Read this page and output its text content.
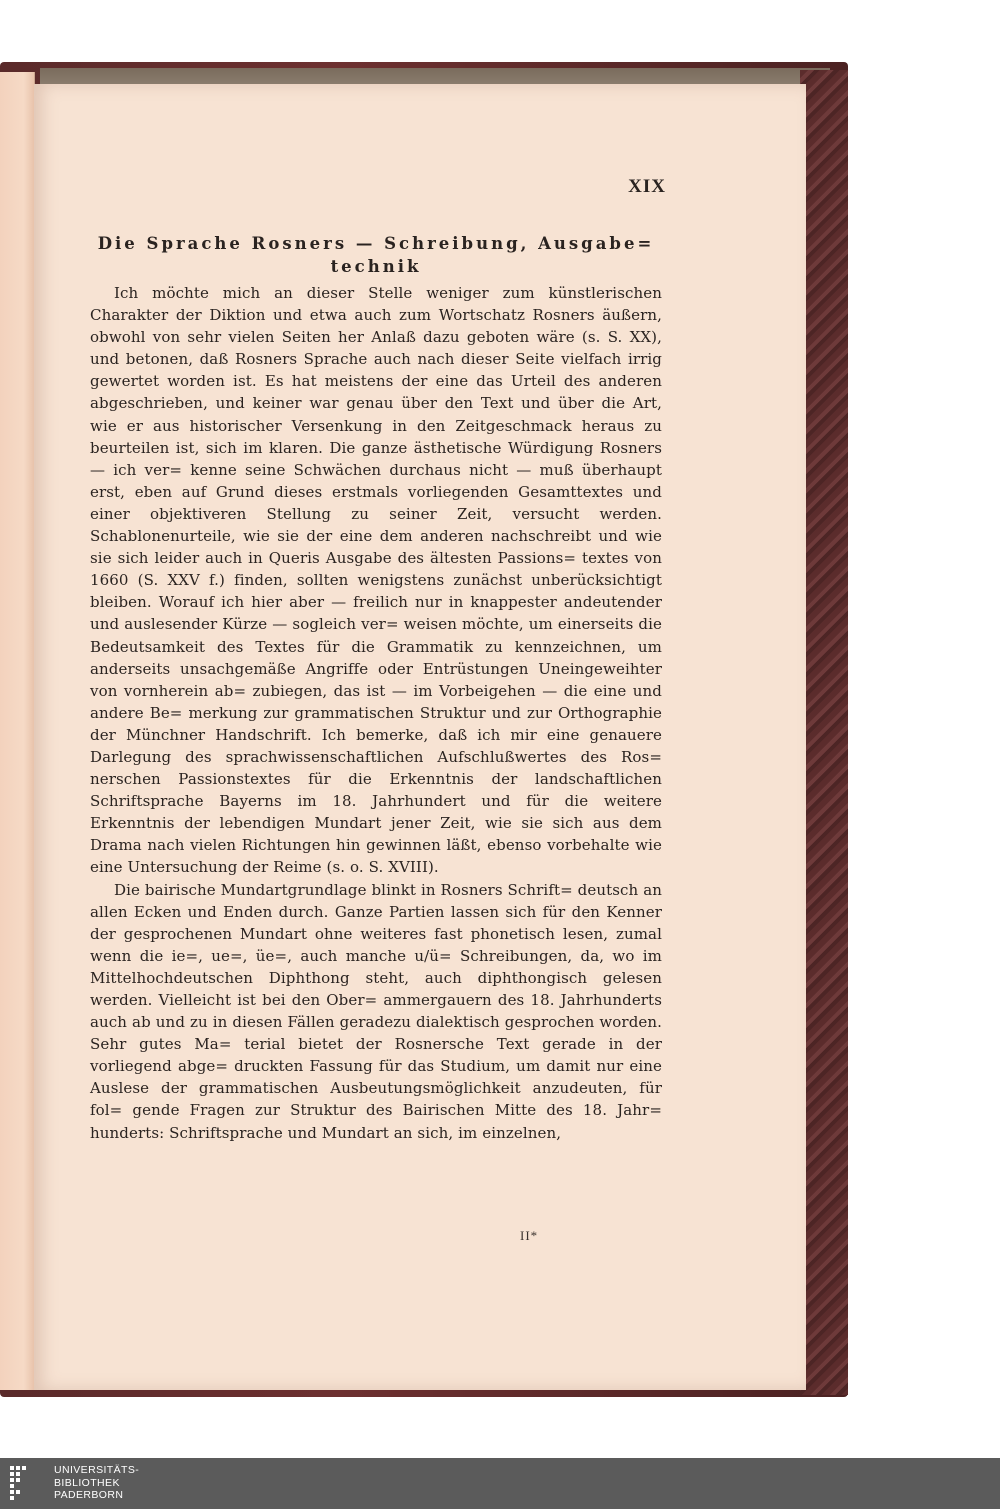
XIX
Die Sprache Rosners — Schreibung, Ausgabe= technik

Ich möchte mich an dieser Stelle weniger zum künstlerischen Charakter der Diktion und etwa auch zum Wortschatz Rosners äußern, obwohl von sehr vielen Seiten her Anlaß dazu geboten wäre (s. S. XX), und betonen, daß Rosners Sprache auch nach dieser Seite vielfach irrig gewertet worden ist. Es hat meistens der eine das Urteil des anderen abgeschrieben, und keiner war genau über den Text und über die Art, wie er aus historischer Versenkung in den Zeitgeschmack heraus zu beurteilen ist, sich im klaren. Die ganze ästhetische Würdigung Rosners — ich ver= kenne seine Schwächen durchaus nicht — muß überhaupt erst, eben auf Grund dieses erstmals vorliegenden Gesamttextes und einer objektiveren Stellung zu seiner Zeit, versucht werden. Schablonenurteile, wie sie der eine dem anderen nachschreibt und wie sie sich leider auch in Queris Ausgabe des ältesten Passions= textes von 1660 (S. XXV f.) finden, sollten wenigstens zunächst unberücksichtigt bleiben. Worauf ich hier aber — freilich nur in knappester andeutender und auslesender Kürze — sogleich ver= weisen möchte, um einerseits die Bedeutsamkeit des Textes für die Grammatik zu kennzeichnen, um anderseits unsachgemäße Angriffe oder Entrüstungen Uneingeweihter von vornherein ab= zubiegen, das ist — im Vorbeigehen — die eine und andere Be= merkung zur grammatischen Struktur und zur Orthographie der Münchner Handschrift. Ich bemerke, daß ich mir eine genauere Darlegung des sprachwissenschaftlichen Aufschlußwertes des Ros= nerschen Passionstextes für die Erkenntnis der landschaftlichen Schriftsprache Bayerns im 18. Jahrhundert und für die weitere Erkenntnis der lebendigen Mundart jener Zeit, wie sie sich aus dem Drama nach vielen Richtungen hin gewinnen läßt, ebenso vorbehalte wie eine Untersuchung der Reime (s. o. S. XVIII).

Die bairische Mundartgrundlage blinkt in Rosners Schrift= deutsch an allen Ecken und Enden durch. Ganze Partien lassen sich für den Kenner der gesprochenen Mundart ohne weiteres fast phonetisch lesen, zumal wenn die ie=, ue=, üe=, auch manche u/ü= Schreibungen, da, wo im Mittelhochdeutschen Diphthong steht, auch diphthongisch gelesen werden. Vielleicht ist bei den Ober= ammergauern des 18. Jahrhunderts auch ab und zu in diesen Fällen geradezu dialektisch gesprochen worden. Sehr gutes Ma= terial bietet der Rosnersche Text gerade in der vorliegend abge= druckten Fassung für das Studium, um damit nur eine Auslese der grammatischen Ausbeutungsmöglichkeit anzudeuten, für fol= gende Fragen zur Struktur des Bairischen Mitte des 18. Jahr= hunderts: Schriftsprache und Mundart an sich, im einzelnen,

II*
UNIVERSITÄTS-
BIBLIOTHEK
PADERBORN
